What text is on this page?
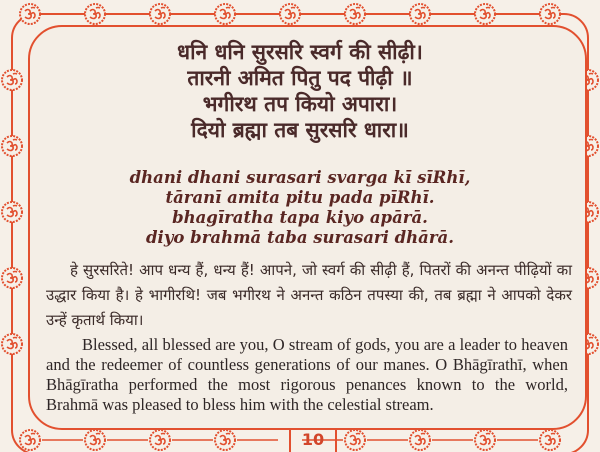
धनि धनि सुरसरि स्वर्ग की सीढ़ी।
तारनी अमित पितु पद पीढ़ी ॥
भगीरथ तप कियो अपारा।
दियो ब्रह्मा तब सुरसरि धारा॥
dhani dhani surasari svarga kī sīRhī,
tāranī amita pitu pada pīRhī.
bhagīratha tapa kiyo apārā.
diyo brahmā taba surasari dhārā.
हे सुरसरिते! आप धन्य हैं, धन्य हैं! आपने, जो स्वर्ग की सीढ़ी हैं, पितरों की अनन्त पीढ़ियों का उद्धार किया है। हे भागीरथि! जब भगीरथ ने अनन्त कठिन तपस्या की, तब ब्रह्मा ने आपको देकर उन्हें कृतार्थ किया।
Blessed, all blessed are you, O stream of gods, you are a leader to heaven and the redeemer of countless generations of our manes. O Bhāgīrathī, when Bhāgīratha performed the most rigorous penances known to the world, Brahmā was pleased to bless him with the celestial stream.
10
